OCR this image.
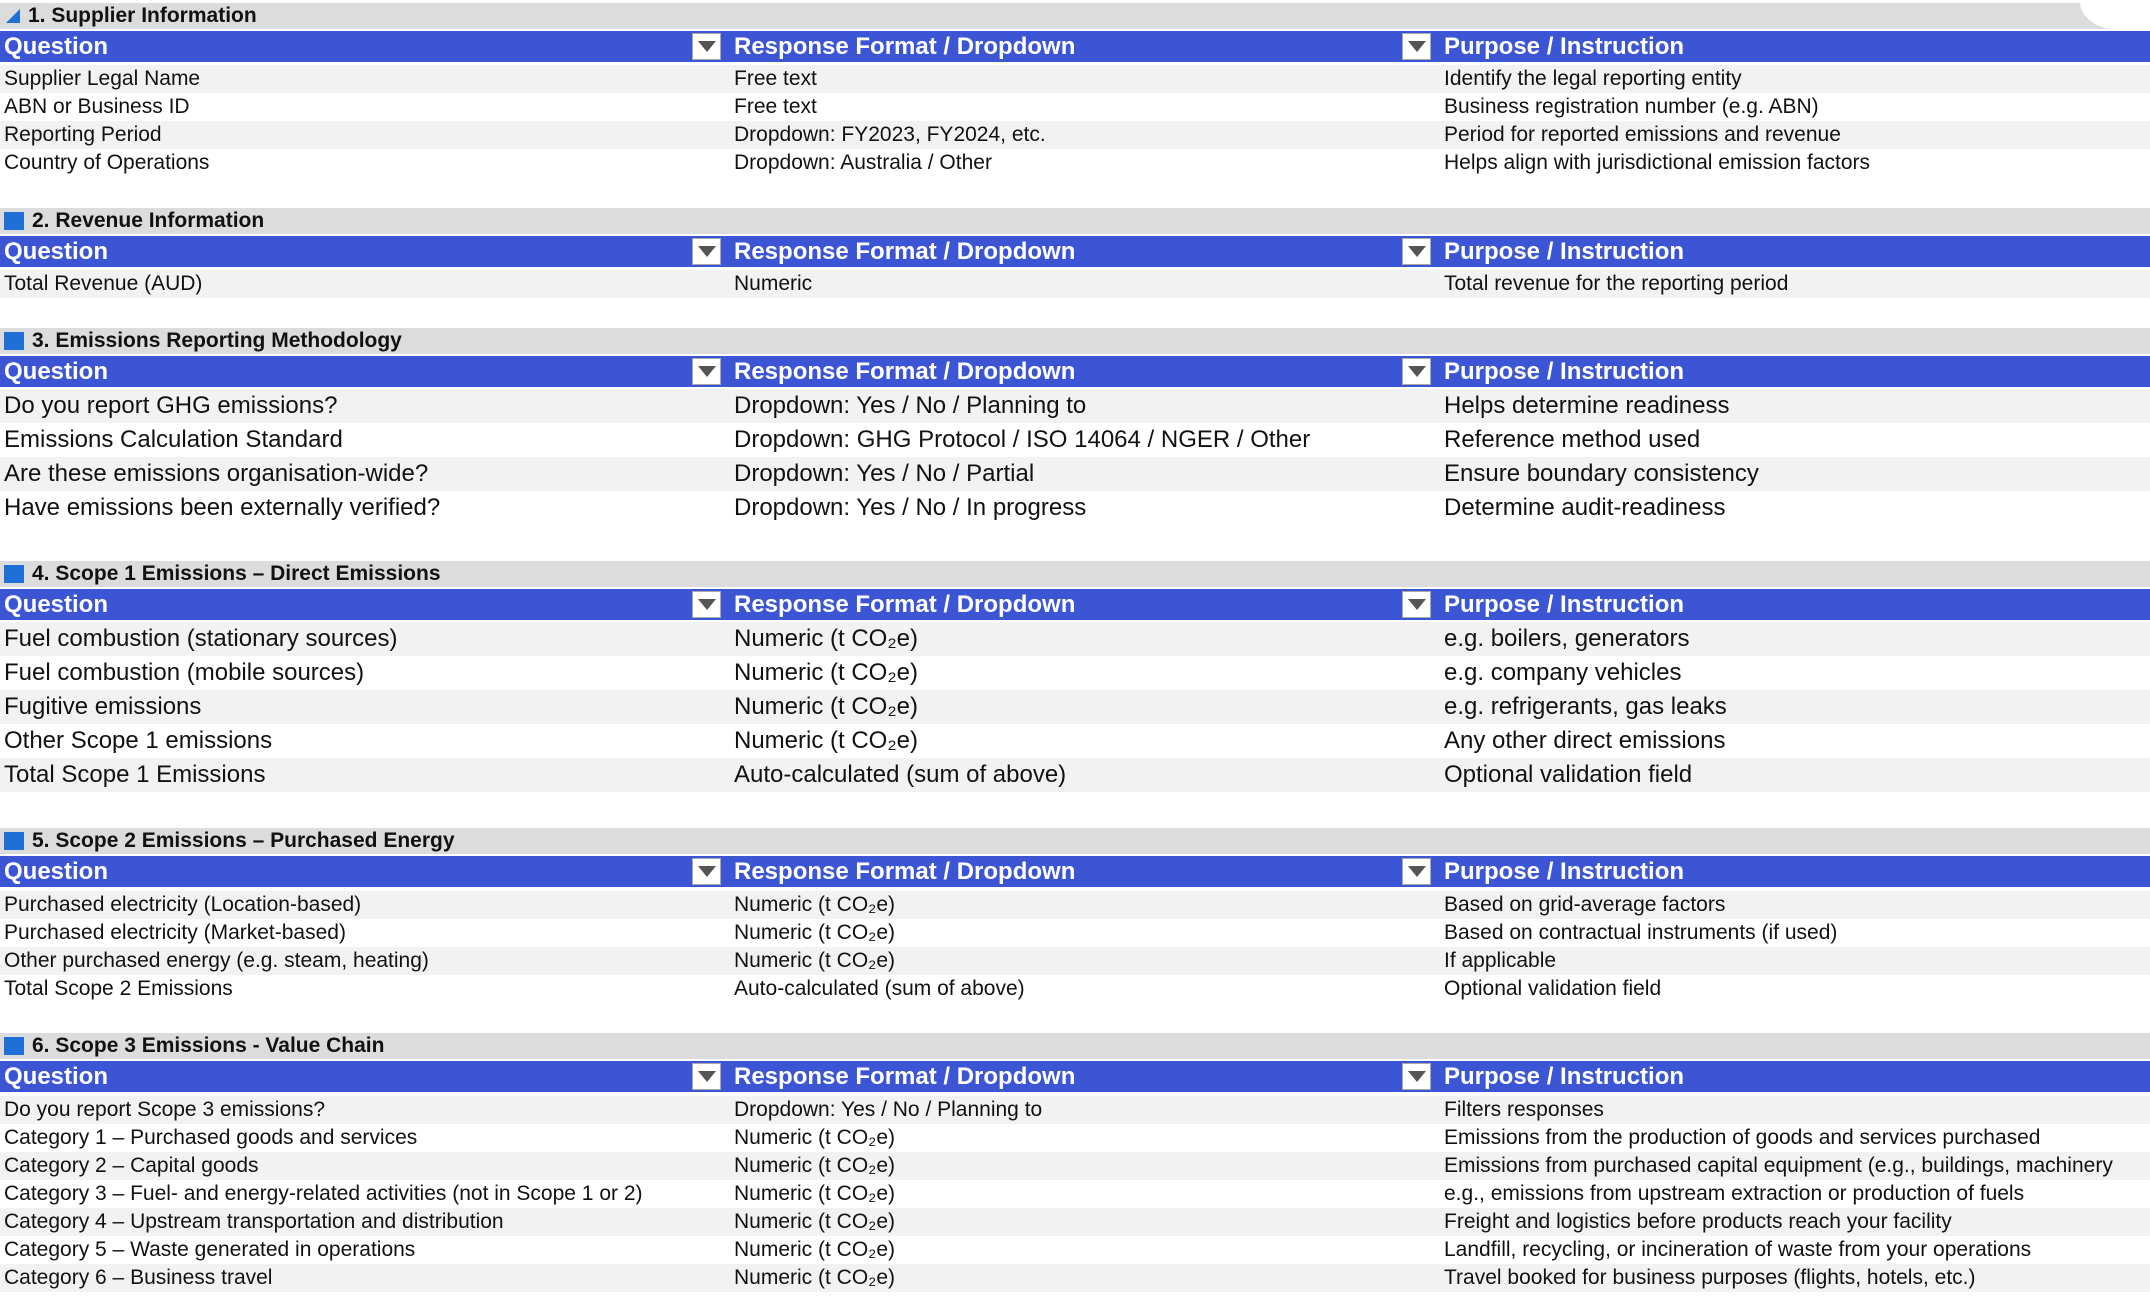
1. Supplier Information
Question	Response Format / Dropdown	Purpose / Instruction
Supplier Legal Name	Free text	Identify the legal reporting entity
ABN or Business ID	Free text	Business registration number (e.g. ABN)
Reporting Period	Dropdown: FY2023, FY2024, etc.	Period for reported emissions and revenue
Country of Operations	Dropdown: Australia / Other	Helps align with jurisdictional emission factors
2. Revenue Information
Question	Response Format / Dropdown	Purpose / Instruction
Total Revenue (AUD)	Numeric	Total revenue for the reporting period
3. Emissions Reporting Methodology
Question	Response Format / Dropdown	Purpose / Instruction
Do you report GHG emissions?	Dropdown: Yes / No / Planning to	Helps determine readiness
Emissions Calculation Standard	Dropdown: GHG Protocol / ISO 14064 / NGER / Other	Reference method used
Are these emissions organisation-wide?	Dropdown: Yes / No / Partial	Ensure boundary consistency
Have emissions been externally verified?	Dropdown: Yes / No / In progress	Determine audit-readiness
4. Scope 1 Emissions – Direct Emissions
Question	Response Format / Dropdown	Purpose / Instruction
Fuel combustion (stationary sources)	Numeric (t CO₂e)	e.g. boilers, generators
Fuel combustion (mobile sources)	Numeric (t CO₂e)	e.g. company vehicles
Fugitive emissions	Numeric (t CO₂e)	e.g. refrigerants, gas leaks
Other Scope 1 emissions	Numeric (t CO₂e)	Any other direct emissions
Total Scope 1 Emissions	Auto-calculated (sum of above)	Optional validation field
5. Scope 2 Emissions – Purchased Energy
Question	Response Format / Dropdown	Purpose / Instruction
Purchased electricity (Location-based)	Numeric (t CO₂e)	Based on grid-average factors
Purchased electricity (Market-based)	Numeric (t CO₂e)	Based on contractual instruments (if used)
Other purchased energy (e.g. steam, heating)	Numeric (t CO₂e)	If applicable
Total Scope 2 Emissions	Auto-calculated (sum of above)	Optional validation field
6. Scope 3 Emissions - Value Chain
Question	Response Format / Dropdown	Purpose / Instruction
Do you report Scope 3 emissions?	Dropdown: Yes / No / Planning to	Filters responses
Category 1 – Purchased goods and services	Numeric (t CO₂e)	Emissions from the production of goods and services purchased
Category 2 – Capital goods	Numeric (t CO₂e)	Emissions from purchased capital equipment (e.g., buildings, machinery
Category 3 – Fuel- and energy-related activities (not in Scope 1 or 2)	Numeric (t CO₂e)	e.g., emissions from upstream extraction or production of fuels
Category 4 – Upstream transportation and distribution	Numeric (t CO₂e)	Freight and logistics before products reach your facility
Category 5 – Waste generated in operations	Numeric (t CO₂e)	Landfill, recycling, or incineration of waste from your operations
Category 6 – Business travel	Numeric (t CO₂e)	Travel booked for business purposes (flights, hotels, etc.)
